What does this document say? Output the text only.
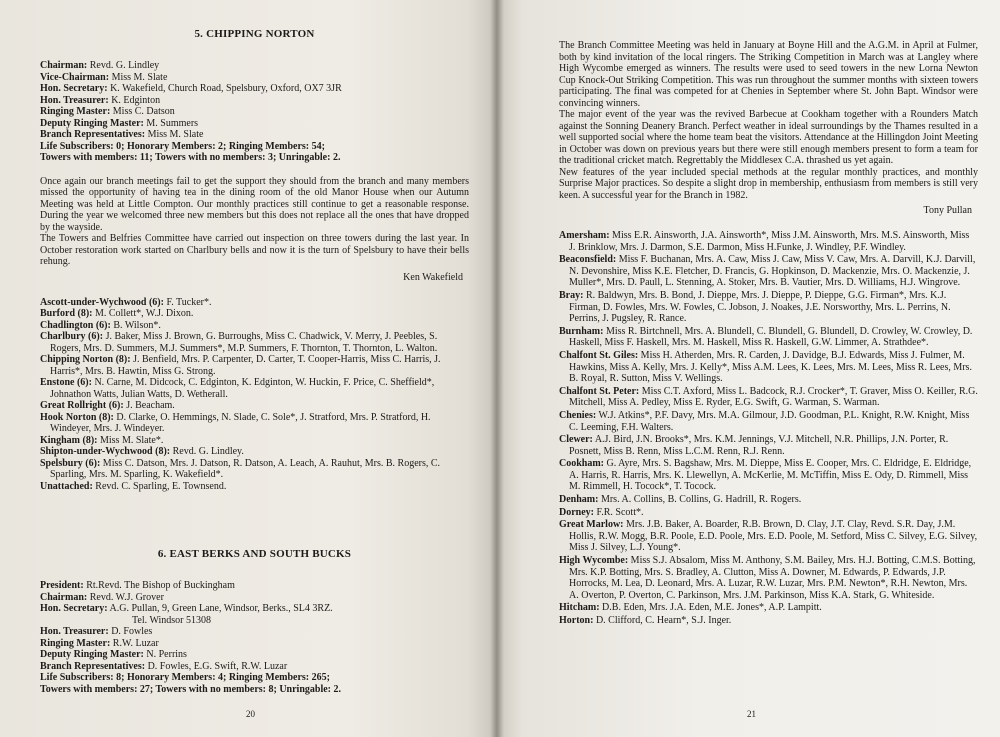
5. CHIPPING NORTON
Chairman: Revd. G. Lindley
Vice-Chairman: Miss M. Slate
Hon. Secretary: K. Wakefield, Church Road, Spelsbury, Oxford, OX7 3JR
Hon. Treasurer: K. Edginton
Ringing Master: Miss C. Datson
Deputy Ringing Master: M. Summers
Branch Representatives: Miss M. Slate
Life Subscribers: 0; Honorary Members: 2; Ringing Members: 54;
Towers with members: 11; Towers with no members: 3; Unringable: 2.

Once again our branch meetings fail to get the support they should from the branch and many members missed the opportunity of having tea in the dining room of the old Manor House when our Autumn Meeting was held at Little Compton. Our monthly practices still continue to get a reasonable response. During the year we welcomed three new members but this does not replace all the ones that have dropped by the wayside.

The Towers and Belfries Committee have carried out inspection on three towers during the last year. In October restoration work started on Charlbury bells and now it is the turn of Spelsbury to have their bells rehung.

Ken Wakefield

Ascott-under-Wychwood (6): F. Tucker*.

Burford (8): M. Collett*, W.J. Dixon.

Chadlington (6): B. Wilson*.

Charlbury (6): J. Baker, Miss J. Brown, G. Burroughs, Miss C. Chadwick, V. Merry, J. Peebles, S. Rogers, Mrs. D. Summers, M.J. Summers*, M.P. Summers, F. Thornton, T. Thornton, L. Walton.

Chipping Norton (8): J. Benfield, Mrs. P. Carpenter, D. Carter, T. Cooper-Harris, Miss C. Harris, J. Harris*, Mrs. B. Hawtin, Miss G. Strong.

Enstone (6): N. Carne, M. Didcock, C. Edginton, K. Edginton, W. Huckin, F. Price, C. Sheffield*, Johnathon Watts, Julian Watts, D. Wetherall.

Great Rollright (6): J. Beacham.

Hook Norton (8): D. Clarke, O. Hemmings, N. Slade, C. Sole*, J. Stratford, Mrs. P. Stratford, H. Windeyer, Mrs. J. Windeyer.

Kingham (8): Miss M. Slate*.

Shipton-under-Wychwood (8): Revd. G. Lindley.

Spelsbury (6): Miss C. Datson, Mrs. J. Datson, R. Datson, A. Leach, A. Rauhut, Mrs. B. Rogers, C. Sparling, Mrs. M. Sparling, K. Wakefield*.

Unattached: Revd. C. Sparling, E. Townsend.

6. EAST BERKS AND SOUTH BUCKS
President: Rt.Revd. The Bishop of Buckingham
Chairman: Revd. W.J. Grover
Hon. Secretary: A.G. Pullan, 9, Green Lane, Windsor, Berks., SL4 3RZ.
Tel. Windsor 51308
Hon. Treasurer: D. Fowles
Ringing Master: R.W. Luzar
Deputy Ringing Master: N. Perrins
Branch Representatives: D. Fowles, E.G. Swift, R.W. Luzar
Life Subscribers: 8; Honorary Members: 4; Ringing Members: 265;
Towers with members: 27; Towers with no members: 8; Unringable: 2.
20

The Branch Committee Meeting was held in January at Boyne Hill and the A.G.M. in April at Fulmer, both by kind invitation of the local ringers. The Striking Competition in March was at Langley where High Wycombe emerged as winners. The results were used to seed towers in the new Lorna Newton Cup Knock-Out Striking Competition. This was run throughout the summer months with sixteen towers participating. The final was competed for at Chenies in September where St. John Bapt. Windsor were convincing winners.

The major event of the year was the revived Barbecue at Cookham together with a Rounders Match against the Sonning Deanery Branch. Perfect weather in ideal surroundings by the Thames resulted in a well supported social where the home team beat the visitors. Attendance at the Hillingdon Joint Meeting in October was down on previous years but there were still enough members present to form a team for the traditional cricket match. Regrettably the Middlesex C.A. thrashed us yet again.

New features of the year included special methods at the regular monthly practices, and monthly Surprise Major practices. So despite a slight drop in membership, enthusiasm from members is still very keen. A successful year for the Branch in 1982.

Tony Pullan

Amersham: Miss E.R. Ainsworth, J.A. Ainsworth*, Miss J.M. Ainsworth, Mrs. M.S. Ainsworth, Miss J. Brinklow, Mrs. J. Darmon, S.E. Darmon, Miss H.Funke, J. Windley, P.F. Windley.

Beaconsfield: Miss F. Buchanan, Mrs. A. Caw, Miss J. Caw, Miss V. Caw, Mrs. A. Darvill, K.J. Darvill, N. Devonshire, Miss K.E. Fletcher, D. Francis, G. Hopkinson, D. Mackenzie, Mrs. O. Mackenzie, J. Muller*, Mrs. D. Paull, L. Stenning, A. Stoker, Mrs. B. Vautier, Mrs. D. Williams, H.J. Wingrove.

Bray: R. Baldwyn, Mrs. B. Bond, J. Dieppe, Mrs. J. Dieppe, P. Dieppe, G.G. Firman*, Mrs. K.J. Firman, D. Fowles, Mrs. W. Fowles, C. Jobson, J. Noakes, J.E. Norsworthy, Mrs. L. Perrins, N. Perrins, J. Pugsley, R. Rance.

Burnham: Miss R. Birtchnell, Mrs. A. Blundell, C. Blundell, G. Blundell, D. Crowley, W. Crowley, D. Haskell, Miss F. Haskell, Mrs. M. Haskell, Miss R. Haskell, G.W. Limmer, A. Strathdee*.

Chalfont St. Giles: Miss H. Atherden, Mrs. R. Carden, J. Davidge, B.J. Edwards, Miss J. Fulmer, M. Hawkins, Miss A. Kelly, Mrs. J. Kelly*, Miss A.M. Lees, K. Lees, Mrs. M. Lees, Miss R. Lees, Mrs. B. Royal, R. Sutton, Miss V. Wellings.

Chalfont St. Peter: Miss C.T. Axford, Miss L. Badcock, R.J. Crocker*, T. Graver, Miss O. Keiller, R.G. Mitchell, Miss A. Pedley, Miss E. Ryder, E.G. Swift, G. Warman, S. Warman.

Chenies: W.J. Atkins*, P.F. Davy, Mrs. M.A. Gilmour, J.D. Goodman, P.L. Knight, R.W. Knight, Miss C. Leeming, F.H. Walters.

Clewer: A.J. Bird, J.N. Brooks*, Mrs. K.M. Jennings, V.J. Mitchell, N.R. Phillips, J.N. Porter, R. Posnett, Miss B. Renn, Miss L.C.M. Renn, R.J. Renn.

Cookham: G. Ayre, Mrs. S. Bagshaw, Mrs. M. Dieppe, Miss E. Cooper, Mrs. C. Eldridge, E. Eldridge, A. Harris, R. Harris, Mrs. K. Llewellyn, A. McKerlie, M. McTiffin, Miss E. Ody, D. Rimmell, Miss M. Rimmell, H. Tocock*, T. Tocock.

Denham: Mrs. A. Collins, B. Collins, G. Hadrill, R. Rogers.

Dorney: F.R. Scott*.

Great Marlow: Mrs. J.B. Baker, A. Boarder, R.B. Brown, D. Clay, J.T. Clay, Revd. S.R. Day, J.M. Hollis, R.W. Mogg, B.R. Poole, E.D. Poole, Mrs. E.D. Poole, M. Setford, Miss C. Silvey, E.G. Silvey, Miss J. Silvey, L.J. Young*.

High Wycombe: Miss S.J. Absalom, Miss M. Anthony, S.M. Bailey, Mrs. H.J. Botting, C.M.S. Botting, Mrs. K.P. Botting, Mrs. S. Bradley, A. Clutton, Miss A. Downer, M. Edwards, P. Edwards, J.P. Horrocks, M. Lea, D. Leonard, Mrs. A. Luzar, R.W. Luzar, Mrs. P.M. Newton*, R.H. Newton, Mrs. A. Overton, P. Overton, C. Parkinson, Mrs. J.M. Parkinson, Miss K.A. Stark, G. Whiteside.

Hitcham: D.B. Eden, Mrs. J.A. Eden, M.E. Jones*, A.P. Lampitt.

Horton: D. Clifford, C. Hearn*, S.J. Inger.

21
